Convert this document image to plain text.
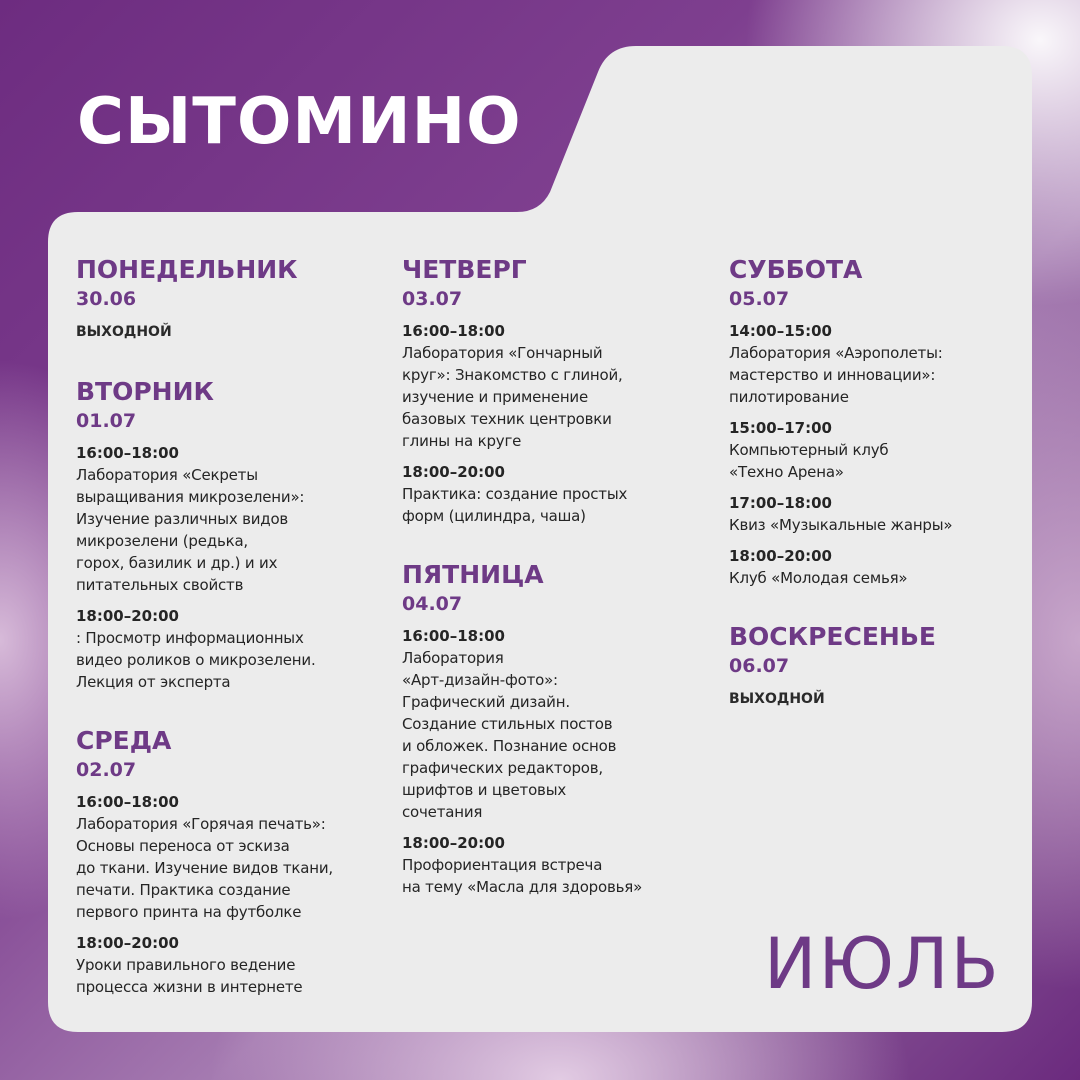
СЫТОМИНО
ПОНЕДЕЛЬНИК
30.06
ВЫХОДНОЙ
ВТОРНИК
01.07
16:00–18:00
Лаборатория «Секреты
выращивания микрозелени»:
Изучение различных видов
микрозелени (редька,
горох, базилик и др.) и их
питательных свойств
18:00–20:00
: Просмотр информационных
видео роликов о микрозелени.
Лекция от эксперта
СРЕДА
02.07
16:00–18:00
Лаборатория «Горячая печать»:
Основы переноса от эскиза
до ткани. Изучение видов ткани,
печати. Практика создание
первого принта на футболке
18:00–20:00
Уроки правильного ведение
процесса жизни в интернете
ЧЕТВЕРГ
03.07
16:00–18:00
Лаборатория «Гончарный
круг»: Знакомство с глиной,
изучение и применение
базовых техник центровки
глины на круге
18:00–20:00
Практика: создание простых
форм (цилиндра, чаша)
ПЯТНИЦА
04.07
16:00–18:00
Лаборатория
«Арт-дизайн-фото»:
Графический дизайн.
Создание стильных постов
и обложек. Познание основ
графических редакторов,
шрифтов и цветовых
сочетания
18:00–20:00
Профориентация встреча
на тему «Масла для здоровья»
СУББОТА
05.07
14:00–15:00
Лаборатория «Аэрополеты:
мастерство и инновации»:
пилотирование
15:00–17:00
Компьютерный клуб
«Техно Арена»
17:00–18:00
Квиз «Музыкальные жанры»
18:00–20:00
Клуб «Молодая семья»
ВОСКРЕСЕНЬЕ
06.07
ВЫХОДНОЙ
ИЮЛЬ
